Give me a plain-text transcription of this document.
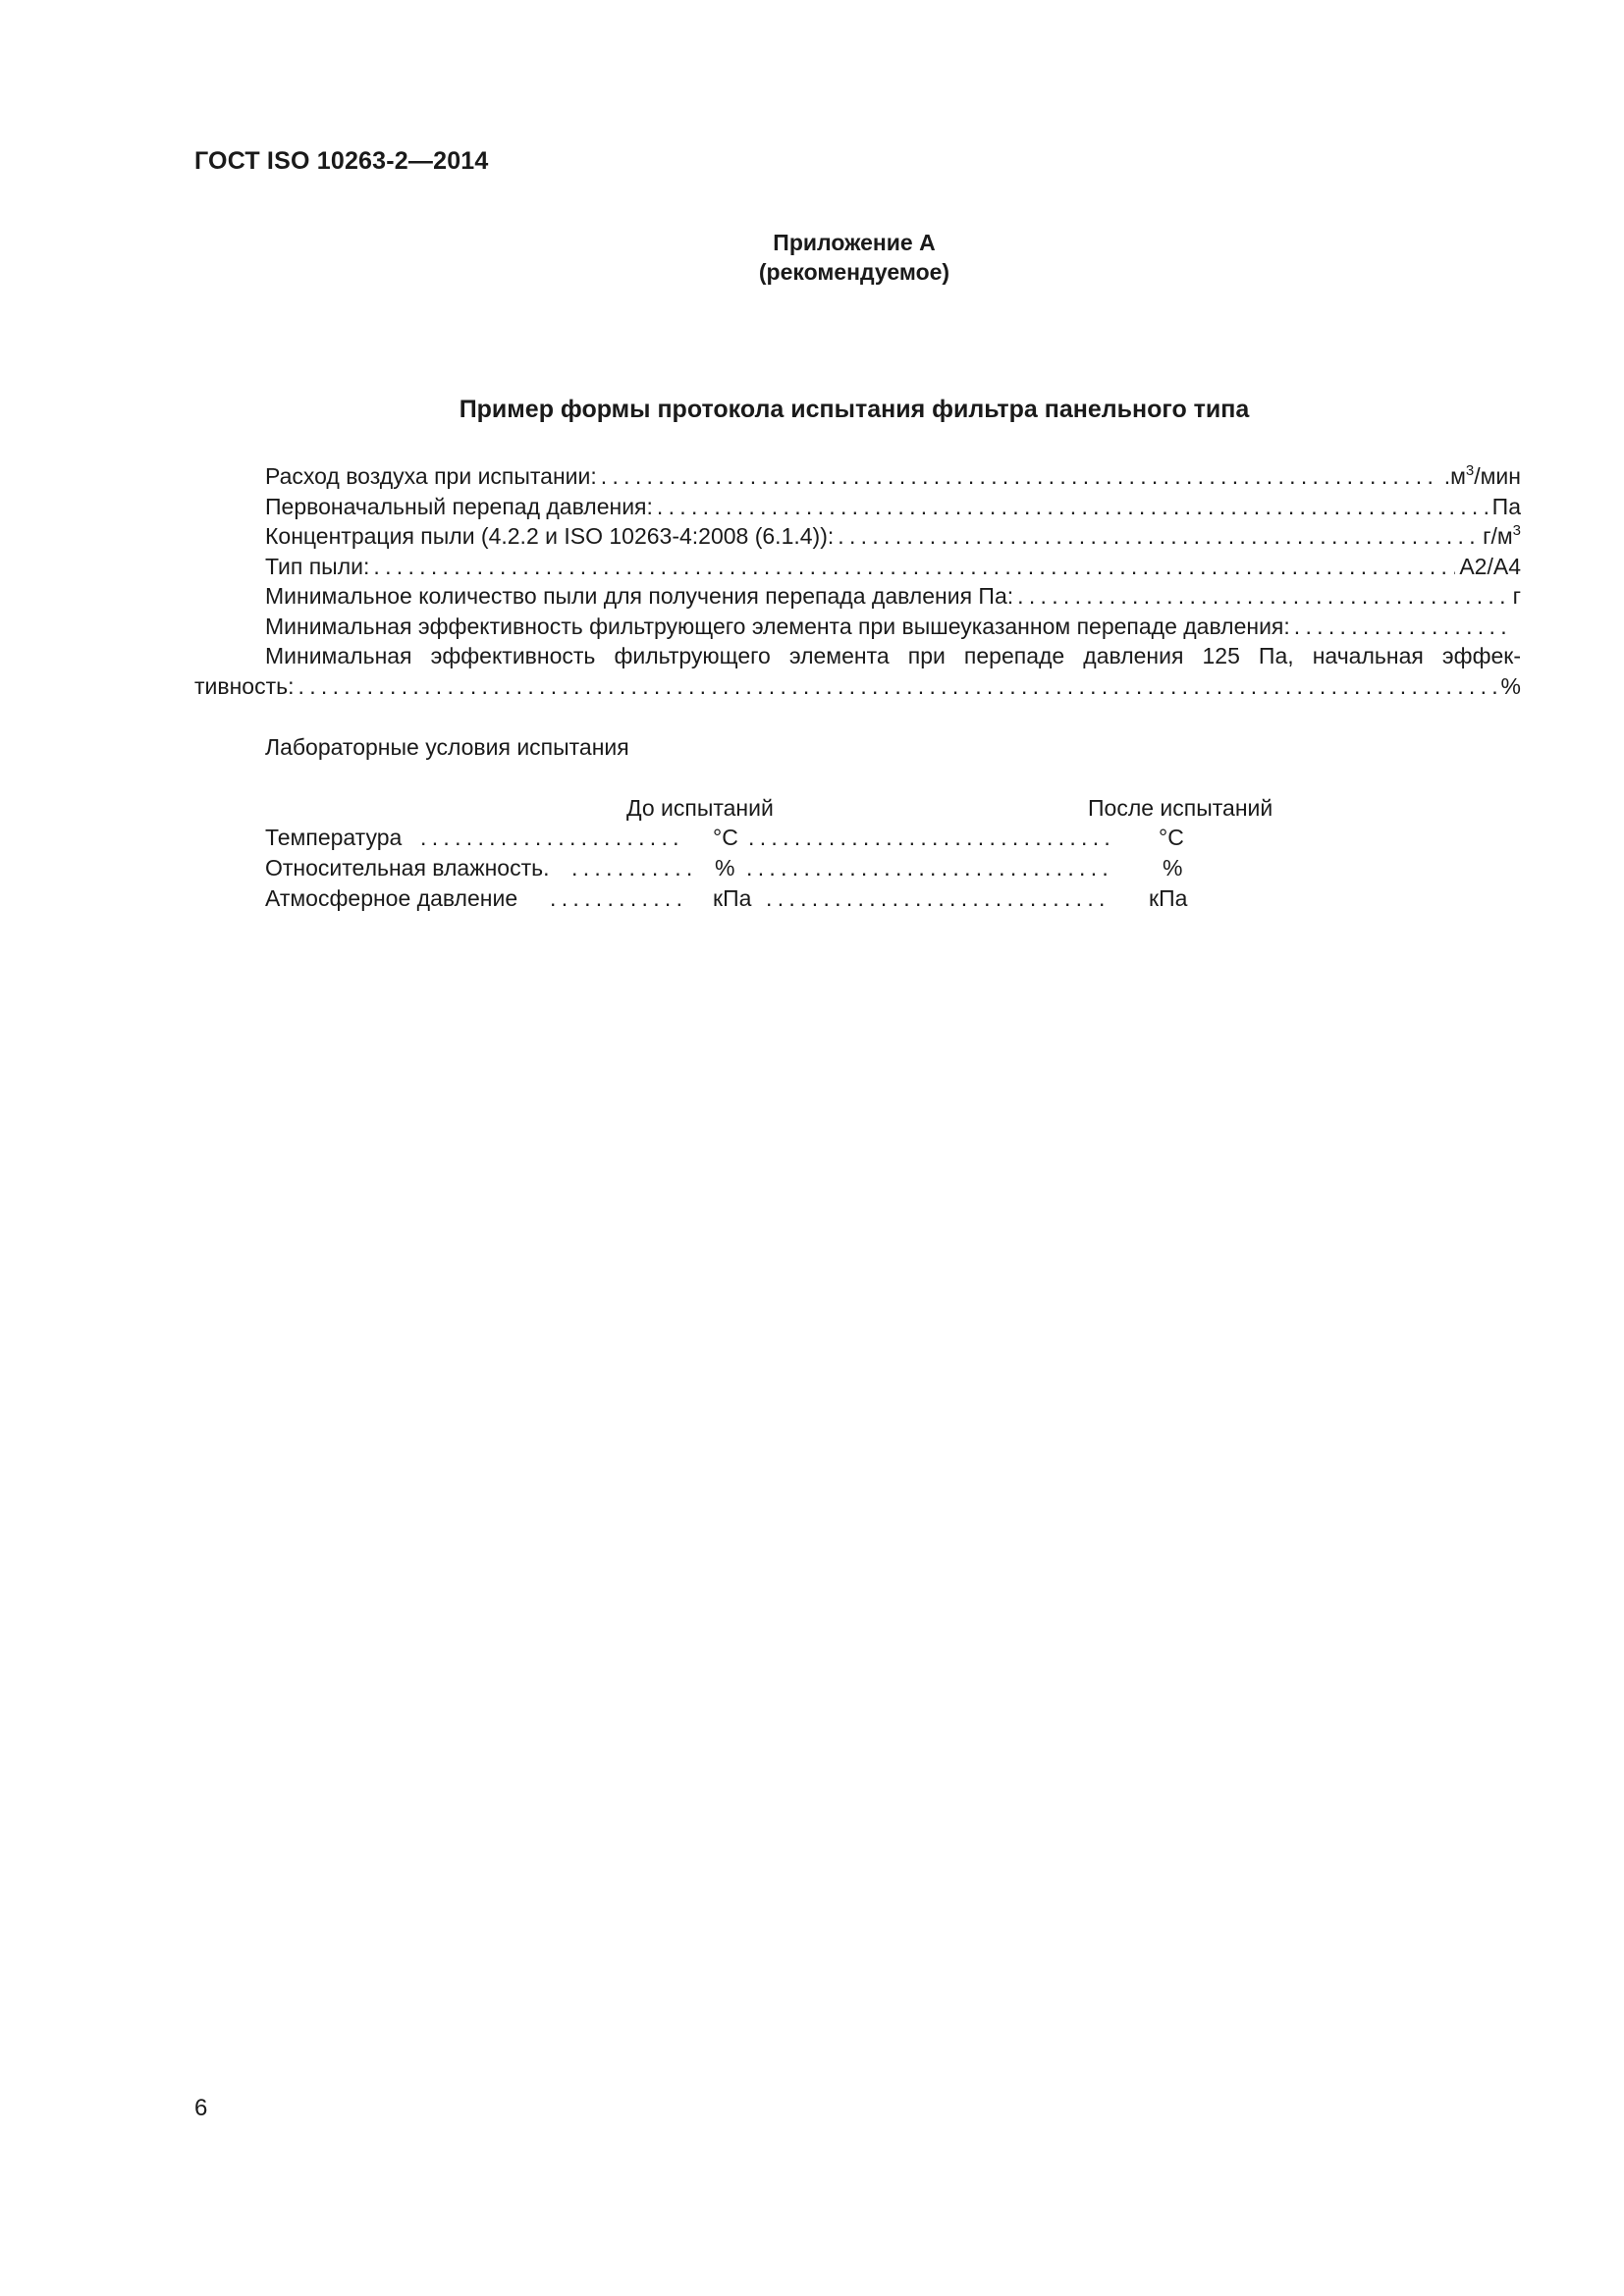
ГОСТ ISO 10263-2—2014
Приложение А
(рекомендуемое)
Пример формы протокола испытания фильтра панельного типа
Расход воздуха при испытании: .....	$.м^3$/мин
Первоначальный перепад давления: .....	Па
Концентрация пыли (4.2.2 и ISO 10263-4:2008 (6.1.4)): .....	$г/м^3$
Тип пыли: .....	A2/A4
Минимальное количество пыли для получения перепада давления Па: .....	г
Минимальная эффективность фильтрующего элемента при вышеуказанном перепаде давления:
.....
Минимальная эффективность фильтрующего элемента при перепаде давления 125 Па, начальная эффек-
тивность: .....	%
Лабораторные условия испытания
До испытаний	После испытаний
Температура .....	°С .....	°С
Относительная влажность. .....	% .....	%
Атмосферное давление .....	кПа .....	кПа
6
